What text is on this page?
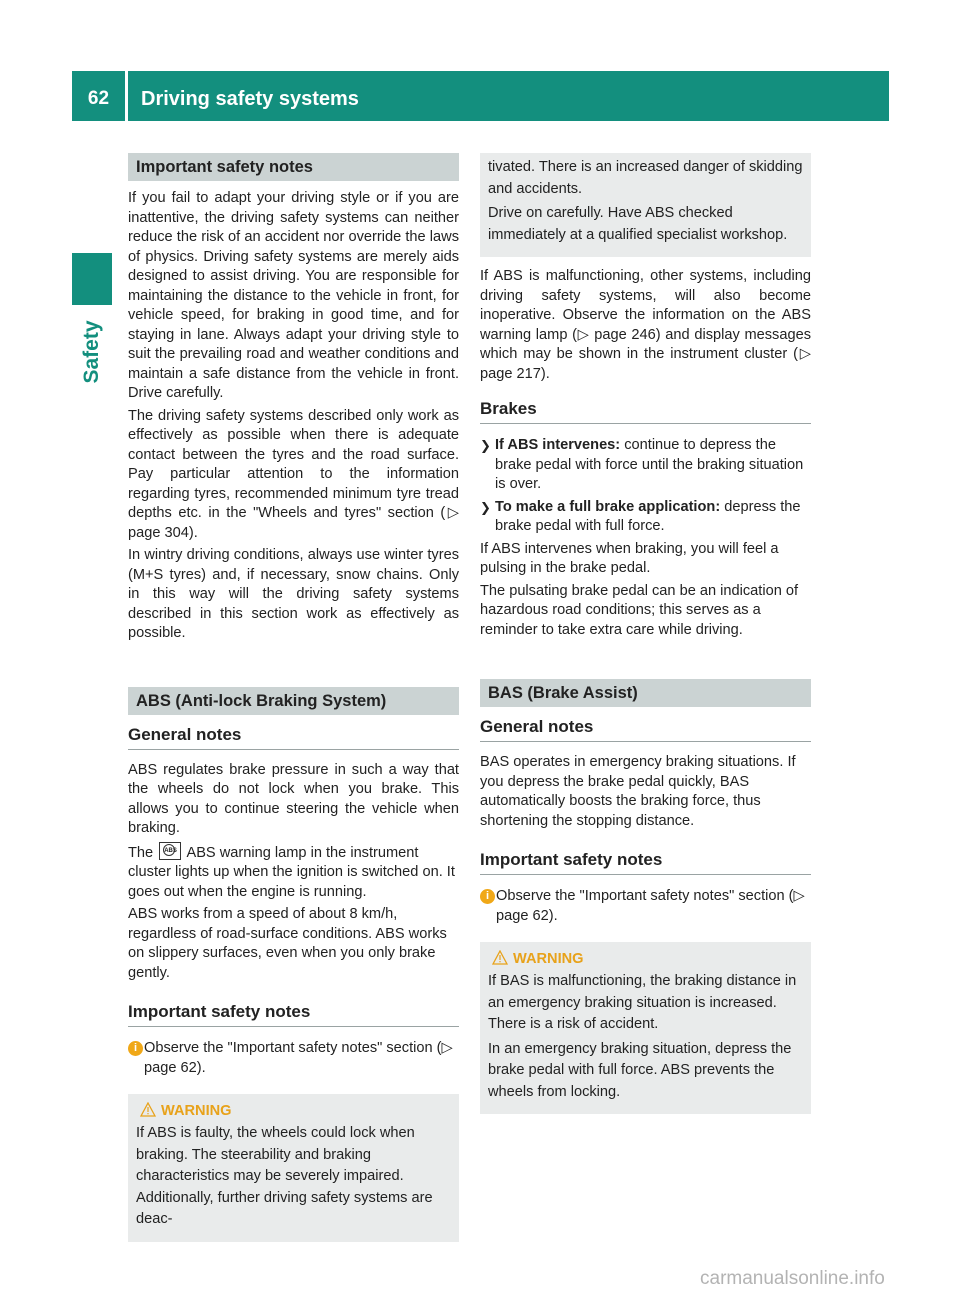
62	Driving safety systems
Safety
Important safety notes

If you fail to adapt your driving style or if you are inattentive, the driving safety systems can neither reduce the risk of an accident nor override the laws of physics. Driving safety systems are merely aids designed to assist driving. You are responsible for maintaining the distance to the vehicle in front, for vehicle speed, for braking in good time, and for staying in lane. Always adapt your driving style to suit the prevailing road and weather conditions and maintain a safe distance from the vehicle in front. Drive carefully.

The driving safety systems described only work as effectively as possible when there is adequate contact between the tyres and the road surface. Pay particular attention to the information regarding tyres, recommended minimum tyre tread depths etc. in the "Wheels and tyres" section (▷ page 304).

In wintry driving conditions, always use winter tyres (M+S tyres) and, if necessary, snow chains. Only in this way will the driving safety systems described in this section work as effectively as possible.

ABS (Anti-lock Braking System)
General notes

ABS regulates brake pressure in such a way that the wheels do not lock when you brake. This allows you to continue steering the vehicle when braking.

The ABS ABS warning lamp in the instrument cluster lights up when the ignition is switched on. It goes out when the engine is running.

ABS works from a speed of about 8 km/h, regardless of road-surface conditions. ABS works on slippery surfaces, even when you only brake gently.

Important safety notes
i Observe the "Important safety notes" section (▷ page 62).
WARNING

If ABS is faulty, the wheels could lock when braking. The steerability and braking characteristics may be severely impaired. Additionally, further driving safety systems are deac-

tivated. There is an increased danger of skidding and accidents.

Drive on carefully. Have ABS checked immediately at a qualified specialist workshop.

If ABS is malfunctioning, other systems, including driving safety systems, will also become inoperative. Observe the information on the ABS warning lamp (▷ page 246) and display messages which may be shown in the instrument cluster (▷ page 217).

Brakes
❯ If ABS intervenes: continue to depress the brake pedal with force until the braking situation is over.
❯ To make a full brake application: depress the brake pedal with full force.

If ABS intervenes when braking, you will feel a pulsing in the brake pedal.

The pulsating brake pedal can be an indication of hazardous road conditions; this serves as a reminder to take extra care while driving.

BAS (Brake Assist)
General notes

BAS operates in emergency braking situations. If you depress the brake pedal quickly, BAS automatically boosts the braking force, thus shortening the stopping distance.

Important safety notes
i Observe the "Important safety notes" section (▷ page 62).
WARNING

If BAS is malfunctioning, the braking distance in an emergency braking situation is increased. There is a risk of accident.

In an emergency braking situation, depress the brake pedal with full force. ABS prevents the wheels from locking.

carmanualsonline.info
